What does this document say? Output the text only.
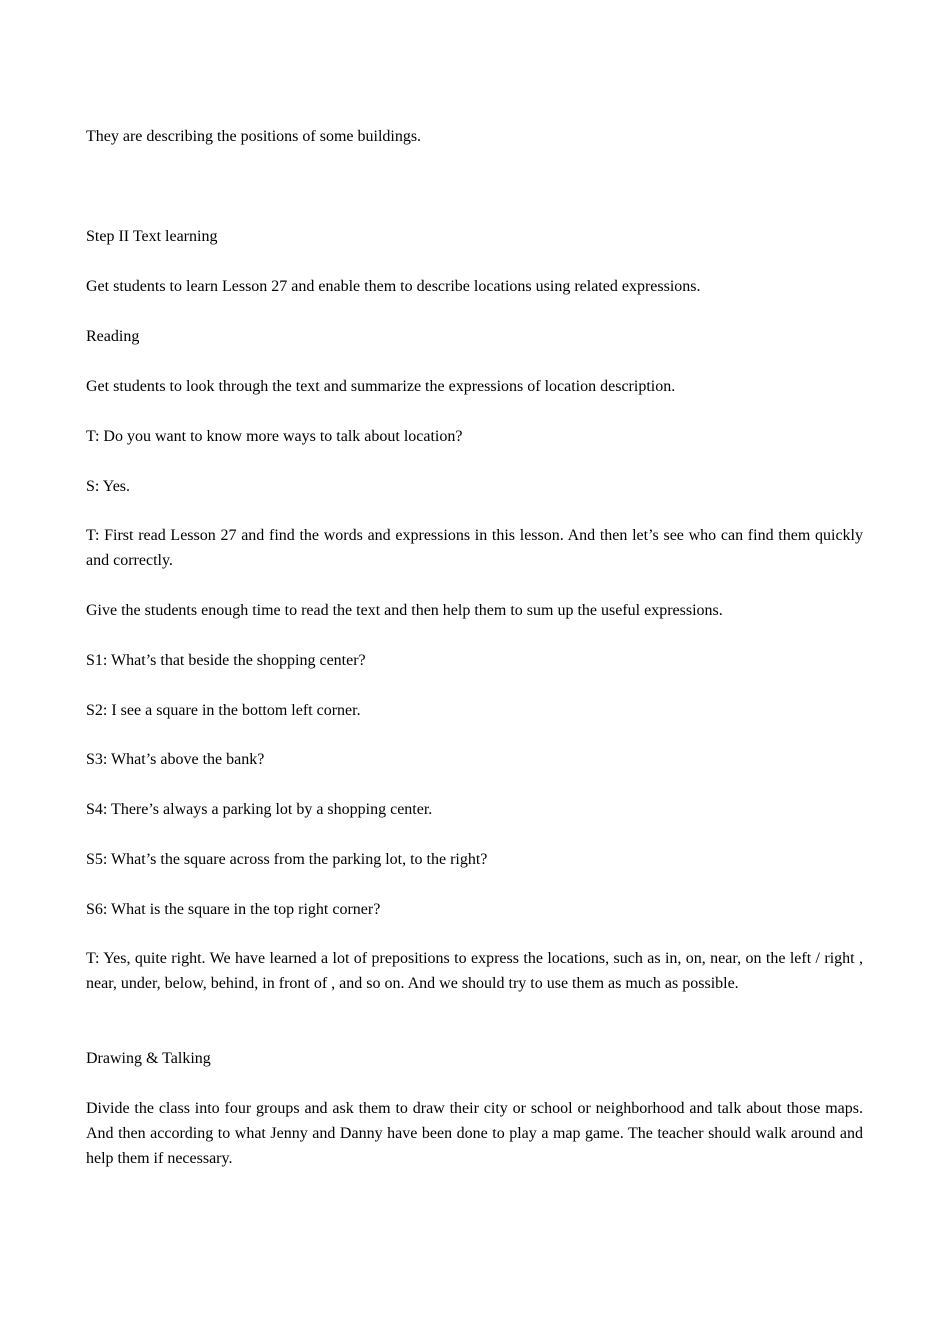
They are describing the positions of some buildings.

Step II Text learning

Get students to learn Lesson 27 and enable them to describe locations using related expressions.

Reading

Get students to look through the text and summarize the expressions of location description.

T: Do you want to know more ways to talk about location?

S: Yes.

T: First read Lesson 27 and find the words and expressions in this lesson. And then let’s see who can find them quickly and correctly.

Give the students enough time to read the text and then help them to sum up the useful expressions.

S1: What’s that beside the shopping center?

S2: I see a square in the bottom left corner.

S3: What’s above the bank?

S4: There’s always a parking lot by a shopping center.

S5: What’s the square across from the parking lot, to the right?

S6: What is the square in the top right corner?

T: Yes, quite right. We have learned a lot of prepositions to express the locations, such as in, on, near, on the left / right , near, under, below, behind, in front of , and so on. And we should try to use them as much as possible.

Drawing & Talking

Divide the class into four groups and ask them to draw their city or school or neighborhood and talk about those maps. And then according to what Jenny and Danny have been done to play a map game. The teacher should walk around and help them if necessary.
